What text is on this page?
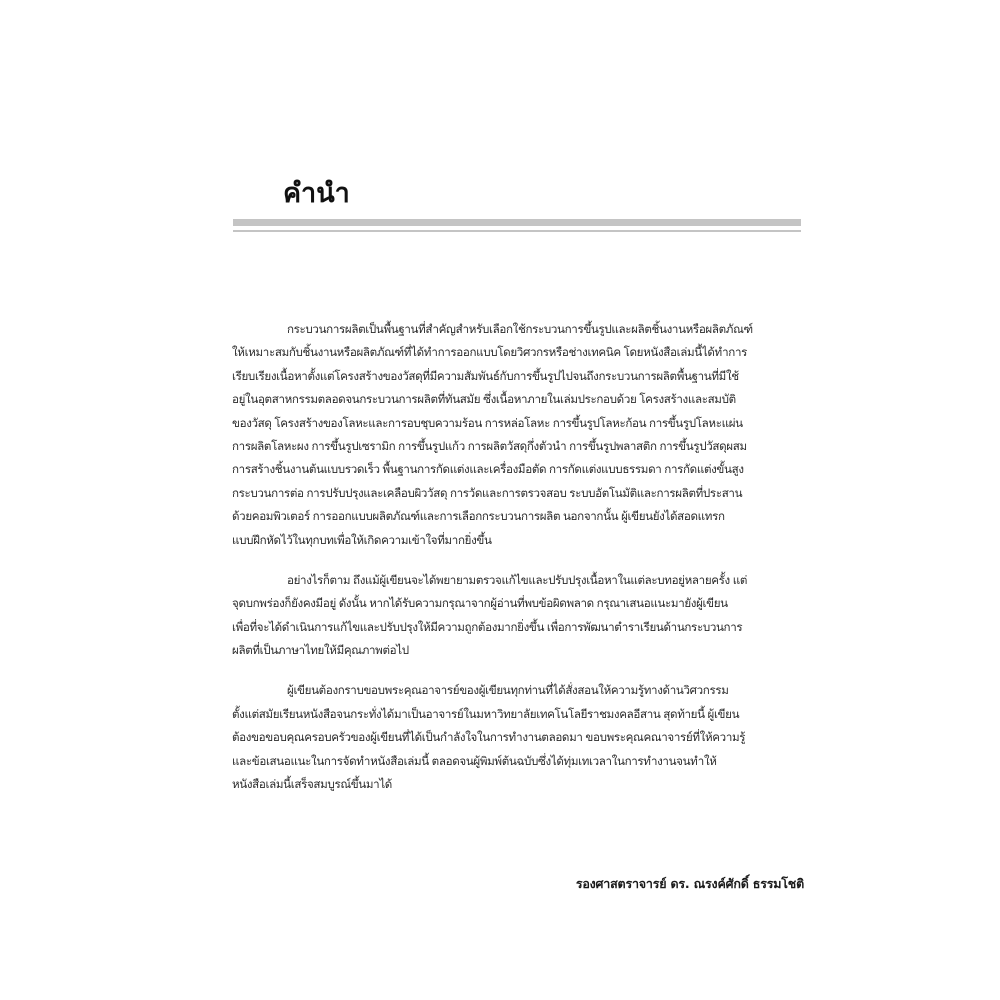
คำนำ

กระบวนการผลิตเป็นพื้นฐานที่สำคัญสำหรับเลือกใช้กระบวนการขึ้นรูปและผลิตชิ้นงานหรือผลิตภัณฑ์
ให้เหมาะสมกับชิ้นงานหรือผลิตภัณฑ์ที่ได้ทำการออกแบบโดยวิศวกรหรือช่างเทคนิค โดยหนังสือเล่มนี้ได้ทำการ
เรียบเรียงเนื้อหาตั้งแต่โครงสร้างของวัสดุที่มีความสัมพันธ์กับการขึ้นรูปไปจนถึงกระบวนการผลิตพื้นฐานที่มีใช้
อยู่ในอุตสาหกรรมตลอดจนกระบวนการผลิตที่ทันสมัย ซึ่งเนื้อหาภายในเล่มประกอบด้วย โครงสร้างและสมบัติ
ของวัสดุ โครงสร้างของโลหะและการอบชุบความร้อน การหล่อโลหะ การขึ้นรูปโลหะก้อน การขึ้นรูปโลหะแผ่น
การผลิตโลหะผง การขึ้นรูปเซรามิก การขึ้นรูปแก้ว การผลิตวัสดุกึ่งตัวนำ การขึ้นรูปพลาสติก การขึ้นรูปวัสดุผสม
การสร้างชิ้นงานต้นแบบรวดเร็ว พื้นฐานการกัดแต่งและเครื่องมือตัด การกัดแต่งแบบธรรมดา การกัดแต่งขั้นสูง
กระบวนการต่อ การปรับปรุงและเคลือบผิววัสดุ การวัดและการตรวจสอบ ระบบอัตโนมัติและการผลิตที่ประสาน
ด้วยคอมพิวเตอร์ การออกแบบผลิตภัณฑ์และการเลือกกระบวนการผลิต นอกจากนั้น ผู้เขียนยังได้สอดแทรก
แบบฝึกหัดไว้ในทุกบทเพื่อให้เกิดความเข้าใจที่มากยิ่งขึ้น

อย่างไรก็ตาม ถึงแม้ผู้เขียนจะได้พยายามตรวจแก้ไขและปรับปรุงเนื้อหาในแต่ละบทอยู่หลายครั้ง แต่
จุดบกพร่องก็ยังคงมีอยู่ ดังนั้น หากได้รับความกรุณาจากผู้อ่านที่พบข้อผิดพลาด กรุณาเสนอแนะมายังผู้เขียน
เพื่อที่จะได้ดำเนินการแก้ไขและปรับปรุงให้มีความถูกต้องมากยิ่งขึ้น เพื่อการพัฒนาตำราเรียนด้านกระบวนการ
ผลิตที่เป็นภาษาไทยให้มีคุณภาพต่อไป

ผู้เขียนต้องกราบขอบพระคุณอาจารย์ของผู้เขียนทุกท่านที่ได้สั่งสอนให้ความรู้ทางด้านวิศวกรรม
ตั้งแต่สมัยเรียนหนังสือจนกระทั่งได้มาเป็นอาจารย์ในมหาวิทยาลัยเทคโนโลยีราชมงคลอีสาน สุดท้ายนี้ ผู้เขียน
ต้องขอขอบคุณครอบครัวของผู้เขียนที่ได้เป็นกำลังใจในการทำงานตลอดมา ขอบพระคุณคณาจารย์ที่ให้ความรู้
และข้อเสนอแนะในการจัดทำหนังสือเล่มนี้ ตลอดจนผู้พิมพ์ต้นฉบับซึ่งได้ทุ่มเทเวลาในการทำงานจนทำให้
หนังสือเล่มนี้เสร็จสมบูรณ์ขึ้นมาได้

รองศาสตราจารย์ ดร. ณรงค์ศักดิ์ ธรรมโชติ
